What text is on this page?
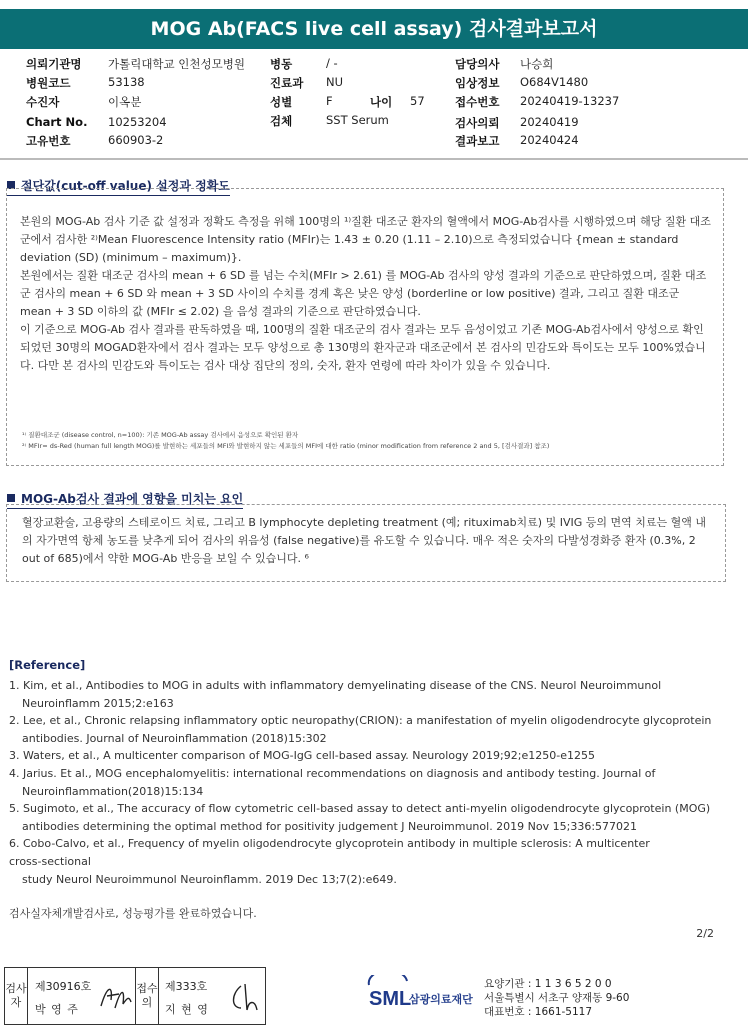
MOG Ab(FACS live cell assay) 검사결과보고서
의뢰기관명 가톨릭대학교 인천성모병원
병원코드	53138
수진자	이옥분
Chart No. 10253204
고유번호	660903-2
병동	/ -
진료과 NU
성별	F	나이 57
검체	SST Serum
담당의사 나승희
임상정보 O684V1480
접수번호 20240419-13237
검사의뢰 20240419
결과보고 20240424
절단값(cut-off value) 설정과 정확도

본원의 MOG-Ab 검사 기준 값 설정과 정확도 측정을 위해 100명의 ¹⁾질환 대조군 환자의 혈액에서 MOG-Ab검사를 시행하였으며 해당 질환 대조군에서 검사한 ²⁾Mean Fluorescence Intensity ratio (MFIr)는 1.43 ± 0.20 (1.11 – 2.10)으로 측정되었습니다 {mean ± standard deviation (SD) (minimum – maximum)}.

본원에서는 질환 대조군 검사의 mean + 6 SD 를 넘는 수치(MFIr > 2.61) 를 MOG-Ab 검사의 양성 결과의 기준으로 판단하였으며, 질환 대조군 검사의 mean + 6 SD 와 mean + 3 SD 사이의 수치를 경계 혹은 낮은 양성 (borderline or low positive) 결과, 그리고 질환 대조군 mean + 3 SD 이하의 값 (MFIr ≤ 2.02) 을 음성 결과의 기준으로 판단하였습니다.

이 기준으로 MOG-Ab 검사 결과를 판독하였을 때, 100명의 질환 대조군의 검사 결과는 모두 음성이었고 기존 MOG-Ab검사에서 양성으로 확인되었던 30명의 MOGAD환자에서 검사 결과는 모두 양성으로 총 130명의 환자군과 대조군에서 본 검사의 민감도와 특이도는 모두 100%였습니다. 다만 본 검사의 민감도와 특이도는 검사 대상 집단의 정의, 숫자, 환자 연령에 따라 차이가 있을 수 있습니다.

¹⁾ 질환대조군 (disease control, n=100): 기존 MOG-Ab assay 검사에서 음성으로 확인된 환자
²⁾ MFIr= ds-Red (human full length MOG)를 발현하는 세포들의 MFI와 발현하지 않는 세포들의 MFI에 대한 ratio (minor modification from reference 2 and 5, [검사결과] 참조)
MOG-Ab검사 결과에 영향을 미치는 요인

혈장교환술, 고용량의 스테로이드 치료, 그리고 B lymphocyte depleting treatment (예; rituximab치료) 및 IVIG 등의 면역 치료는 혈액 내의 자가면역 항체 농도를 낮추게 되어 검사의 위음성 (false negative)를 유도할 수 있습니다. 매우 적은 숫자의 다발성경화증 환자 (0.3%, 2 out of 685)에서 약한 MOG-Ab 반응을 보일 수 있습니다. ⁶

[Reference]
1. Kim, et al., Antibodies to MOG in adults with inflammatory demyelinating disease of the CNS. Neurol Neuroimmunol
Neuroinflamm 2015;2:e163
2. Lee, et al., Chronic relapsing inflammatory optic neuropathy(CRION): a manifestation of myelin oligodendrocyte glycoprotein
antibodies. Journal of Neuroinflammation (2018)15:302
3. Waters, et al., A multicenter comparison of MOG-IgG cell-based assay. Neurology 2019;92;e1250-e1255
4. Jarius. Et al., MOG encephalomyelitis: international recommendations on diagnosis and antibody testing. Journal of
Neuroinflammation(2018)15:134
5. Sugimoto, et al., The accuracy of flow cytometric cell-based assay to detect anti-myelin oligodendrocyte glycoprotein (MOG)
antibodies determining the optimal method for positivity judgement J Neuroimmunol. 2019 Nov 15;336:577021
6. Cobo-Calvo, et al., Frequency of myelin oligodendrocyte glycoprotein antibody in multiple sclerosis: A multicenter
cross-sectional
study Neurol Neuroimmunol Neuroinflamm. 2019 Dec 13;7(2):e649.
검사실자체개발검사로, 성능평가를 완료하였습니다.
2/2
검사자
제30916호
박 영 주
접수의
제333호
지 현 영	SML
삼광의료재단
요양기관 : 1 1 3 6 5 2 0 0
서울특별시 서초구 양재동 9-60
대표번호 : 1661-5117
